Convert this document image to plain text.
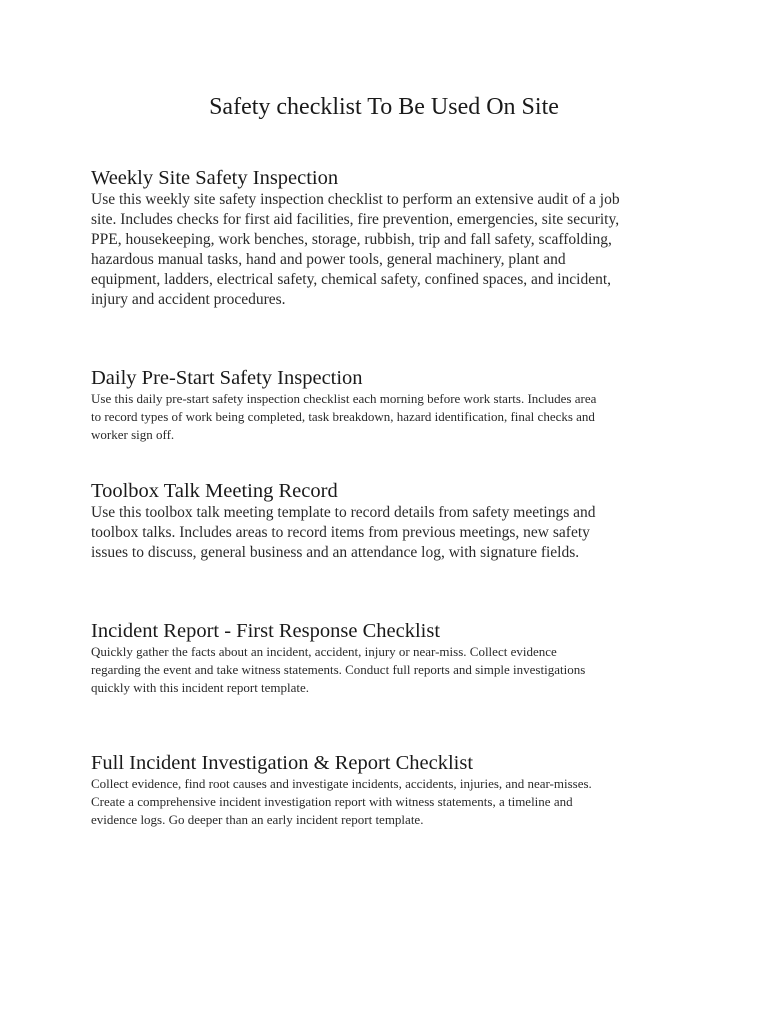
Safety checklist To Be Used On Site
Weekly Site Safety Inspection

Use this weekly site safety inspection checklist to perform an extensive audit of a job
site. Includes checks for first aid facilities, fire prevention, emergencies, site security,
PPE, housekeeping, work benches, storage, rubbish, trip and fall safety, scaffolding,
hazardous manual tasks, hand and power tools, general machinery, plant and
equipment, ladders, electrical safety, chemical safety, confined spaces, and incident,
injury and accident procedures.

Daily Pre-Start Safety Inspection

Use this daily pre-start safety inspection checklist each morning before work starts. Includes area
to record types of work being completed, task breakdown, hazard identification, final checks and
worker sign off.

Toolbox Talk Meeting Record

Use this toolbox talk meeting template to record details from safety meetings and
toolbox talks. Includes areas to record items from previous meetings, new safety
issues to discuss, general business and an attendance log, with signature fields.

Incident Report - First Response Checklist

Quickly gather the facts about an incident, accident, injury or near-miss. Collect evidence
regarding the event and take witness statements. Conduct full reports and simple investigations
quickly with this incident report template.

Full Incident Investigation & Report Checklist

Collect evidence, find root causes and investigate incidents, accidents, injuries, and near-misses.
Create a comprehensive incident investigation report with witness statements, a timeline and
evidence logs. Go deeper than an early incident report template.
